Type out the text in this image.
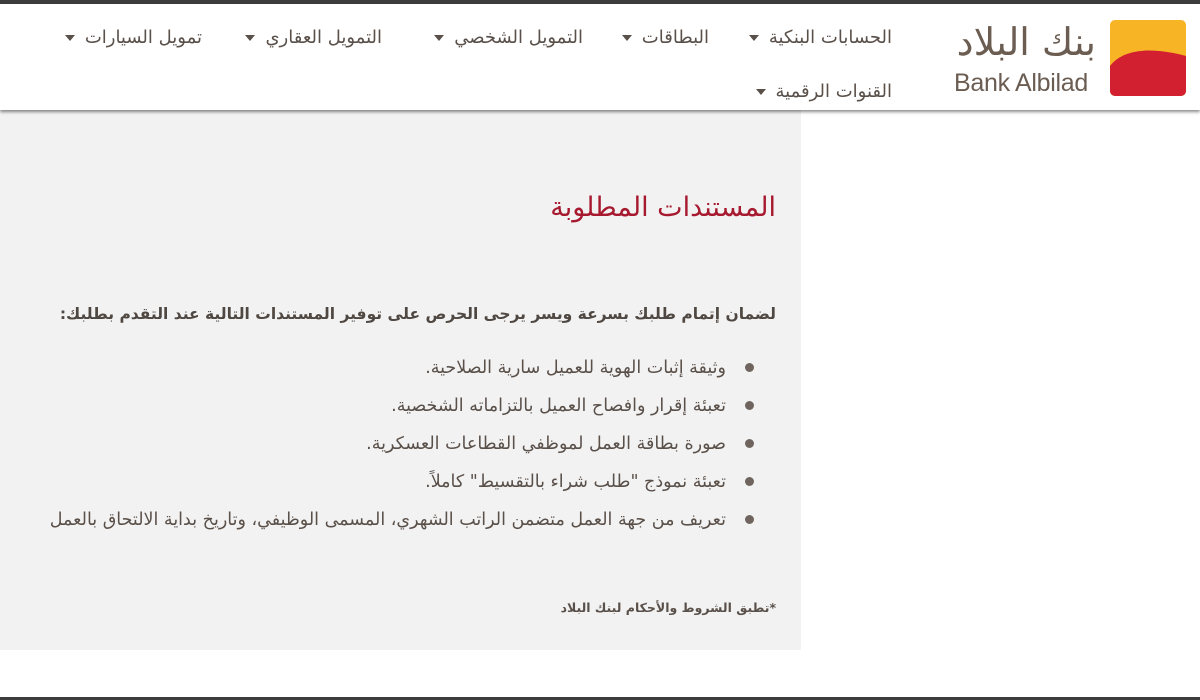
بنك البلاد
Bank Albilad
الحسابات البنكية
البطاقات
التمويل الشخصي
التمويل العقاري
تمويل السيارات
القنوات الرقمية
المستندات المطلوبة

لضمان إتمام طلبك بسرعة ويسر يرجى الحرص على توفير المستندات التالية عند التقدم بطلبك:

وثيقة إثبات الهوية للعميل سارية الصلاحية.
تعبئة إقرار وافصاح العميل بالتزاماته الشخصية.
صورة بطاقة العمل لموظفي القطاعات العسكرية.
تعبئة نموذج "طلب شراء بالتقسيط" كاملاً.
تعريف من جهة العمل متضمن الراتب الشهري، المسمى الوظيفي، وتاريخ بداية الالتحاق بالعمل

*تطبق الشروط والأحكام لبنك البلاد
